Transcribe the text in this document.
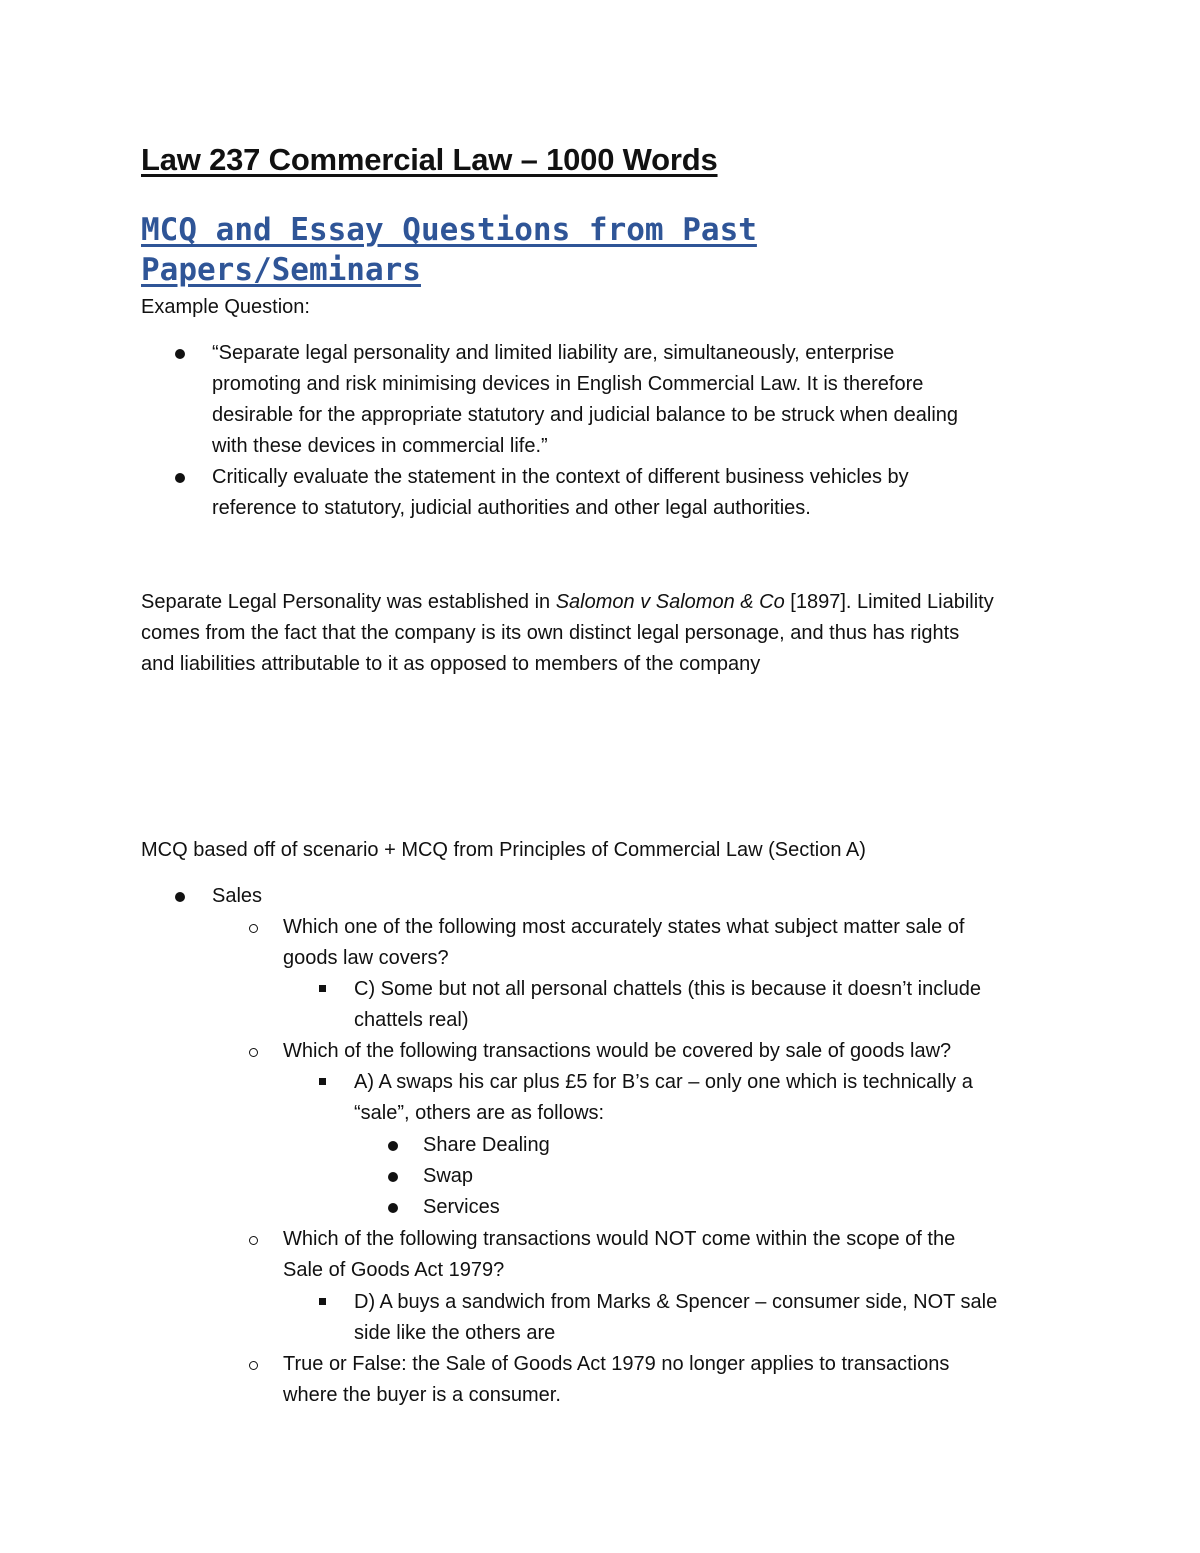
Law 237 Commercial Law – 1000 Words
MCQ and Essay Questions from Past Papers/Seminars
Example Question:
“Separate legal personality and limited liability are, simultaneously, enterprise
promoting and risk minimising devices in English Commercial Law. It is therefore
desirable for the appropriate statutory and judicial balance to be struck when dealing
with these devices in commercial life.”
Critically evaluate the statement in the context of different business vehicles by
reference to statutory, judicial authorities and other legal authorities.
Separate Legal Personality was established in Salomon v Salomon & Co [1897]. Limited Liability
comes from the fact that the company is its own distinct legal personage, and thus has rights
and liabilities attributable to it as opposed to members of the company
MCQ based off of scenario + MCQ from Principles of Commercial Law (Section A)
Sales
Which one of the following most accurately states what subject matter sale of
goods law covers?
C) Some but not all personal chattels (this is because it doesn’t include
chattels real)
Which of the following transactions would be covered by sale of goods law?
A) A swaps his car plus £5 for B’s car – only one which is technically a
“sale”, others are as follows:
Share Dealing
Swap
Services
Which of the following transactions would NOT come within the scope of the
Sale of Goods Act 1979?
D) A buys a sandwich from Marks & Spencer – consumer side, NOT sale
side like the others are
True or False: the Sale of Goods Act 1979 no longer applies to transactions
where the buyer is a consumer.
